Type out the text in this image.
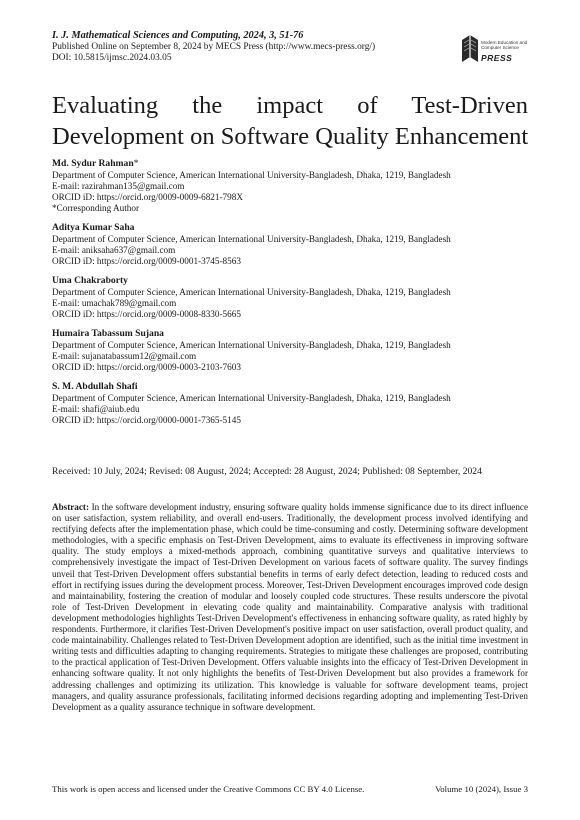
I. J. Mathematical Sciences and Computing, 2024, 3, 51-76

Published Online on September 8, 2024 by MECS Press (http://www.mecs-press.org/)

DOI: 10.5815/ijmsc.2024.03.05

Modern Education and Computer Science
PRESS
Evaluating the impact of Test-Driven
Development on Software Quality Enhancement
Md. Sydur Rahman*
Department of Computer Science, American International University-Bangladesh, Dhaka, 1219, Bangladesh
E-mail: razirahman135@gmail.com
ORCID iD: https://orcid.org/0009-0009-6821-798X
*Corresponding Author
Aditya Kumar Saha
Department of Computer Science, American International University-Bangladesh, Dhaka, 1219, Bangladesh
E-mail: aniksaha637@gmail.com
ORCID iD: https://orcid.org/0009-0001-3745-8563
Uma Chakraborty
Department of Computer Science, American International University-Bangladesh, Dhaka, 1219, Bangladesh
E-mail: umachak789@gmail.com
ORCID iD: https://orcid.org/0009-0008-8330-5665
Humaira Tabassum Sujana
Department of Computer Science, American International University-Bangladesh, Dhaka, 1219, Bangladesh
E-mail: sujanatabassum12@gmail.com
ORCID iD: https://orcid.org/0009-0003-2103-7603
S. M. Abdullah Shafi
Department of Computer Science, American International University-Bangladesh, Dhaka, 1219, Bangladesh
E-mail: shafi@aiub.edu
ORCID iD: https://orcid.org/0000-0001-7365-5145
Received: 10 July, 2024; Revised: 08 August, 2024; Accepted: 28 August, 2024; Published: 08 September, 2024

Abstract: In the software development industry, ensuring software quality holds immense significance due to its direct influence on user satisfaction, system reliability, and overall end-users. Traditionally, the development process involved identifying and rectifying defects after the implementation phase, which could be time-consuming and costly. Determining software development methodologies, with a specific emphasis on Test-Driven Development, aims to evaluate its effectiveness in improving software quality. The study employs a mixed-methods approach, combining quantitative surveys and qualitative interviews to comprehensively investigate the impact of Test-Driven Development on various facets of software quality. The survey findings unveil that Test-Driven Development offers substantial benefits in terms of early defect detection, leading to reduced costs and effort in rectifying issues during the development process. Moreover, Test-Driven Development encourages improved code design and maintainability, fostering the creation of modular and loosely coupled code structures. These results underscore the pivotal role of Test-Driven Development in elevating code quality and maintainability. Comparative analysis with traditional development methodologies highlights Test-Driven Development's effectiveness in enhancing software quality, as rated highly by respondents. Furthermore, it clarifies Test-Driven Development's positive impact on user satisfaction, overall product quality, and code maintainability. Challenges related to Test-Driven Development adoption are identified, such as the initial time investment in writing tests and difficulties adapting to changing requirements. Strategies to mitigate these challenges are proposed, contributing to the practical application of Test-Driven Development. Offers valuable insights into the efficacy of Test-Driven Development in enhancing software quality. It not only highlights the benefits of Test-Driven Development but also provides a framework for addressing challenges and optimizing its utilization. This knowledge is valuable for software development teams, project managers, and quality assurance professionals, facilitating informed decisions regarding adopting and implementing Test-Driven Development as a quality assurance technique in software development.

This work is open access and licensed under the Creative Commons CC BY 4.0 License.	Volume 10 (2024), Issue 3
